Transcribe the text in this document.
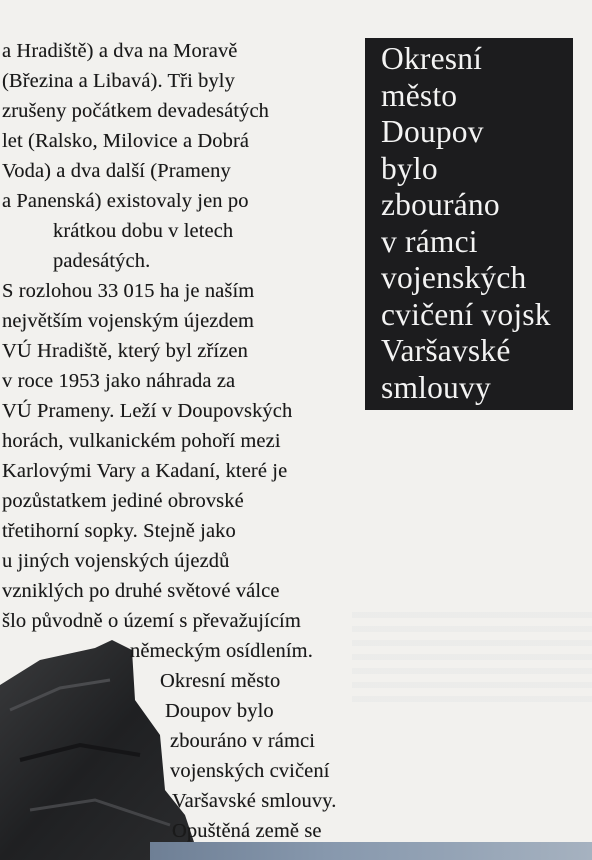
a Hradiště) a dva na Moravě
(Březina a Libavá). Tři byly
zrušeny počátkem devadesátých
let (Ralsko, Milovice a Dobrá
Voda) a dva další (Prameny
a Panenská) existovaly jen po
krátkou dobu v letech
padesátých.
S rozlohou 33 015 ha je naším
největším vojenským újezdem
VÚ Hradiště, který byl zřízen
v roce 1953 jako náhrada za
VÚ Prameny. Leží v Doupovských
horách, vulkanickém pohoří mezi
Karlovými Vary a Kadaní, které je
pozůstatkem jediné obrovské
třetihorní sopky. Stejně jako
u jiných vojenských újezdů
vzniklých po druhé světové válce
šlo původně o území s převažujícím
německým osídlením.
Okresní město
Doupov bylo
zbouráno v rámci
vojenských cvičení
Varšavské smlouvy.
Opuštěná země se
Okresní
město
Doupov
bylo
zbouráno
v rámci
vojenských
cvičení vojsk
Varšavské
smlouvy
